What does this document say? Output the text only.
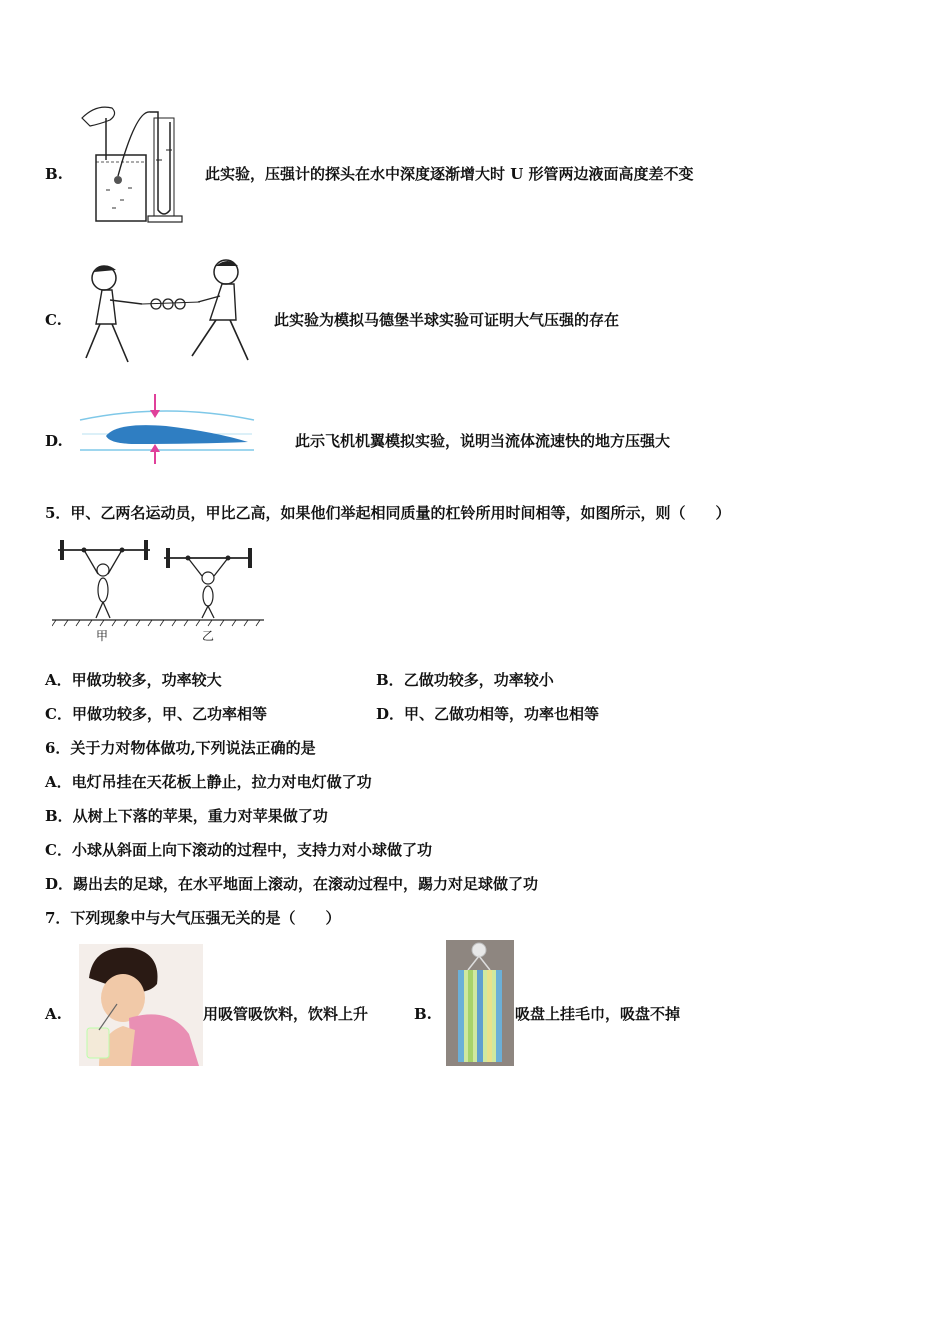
B.	此实验，压强计的探头在水中深度逐渐增大时 U 形管两边液面高度差不变
C.	此实验为模拟马德堡半球实验可证明大气压强的存在
D.	此示飞机机翼模拟实验，说明当流体流速快的地方压强大
5．甲、乙两名运动员，甲比乙高，如果他们举起相同质量的杠铃所用时间相等，如图所示，则（　　）
甲	乙
A．甲做功较多，功率较大	B．乙做功较多，功率较小
C．甲做功较多，甲、乙功率相等	D．甲、乙做功相等，功率也相等
6．关于力对物体做功,下列说法正确的是
A．电灯吊挂在天花板上静止，拉力对电灯做了功
B．从树上下落的苹果，重力对苹果做了功
C．小球从斜面上向下滚动的过程中，支持力对小球做了功
D．踢出去的足球，在水平地面上滚动，在滚动过程中，踢力对足球做了功
7．下列现象中与大气压强无关的是（　　）
A.	用吸管吸饮料，饮料上升	B.	吸盘上挂毛巾，吸盘不掉
